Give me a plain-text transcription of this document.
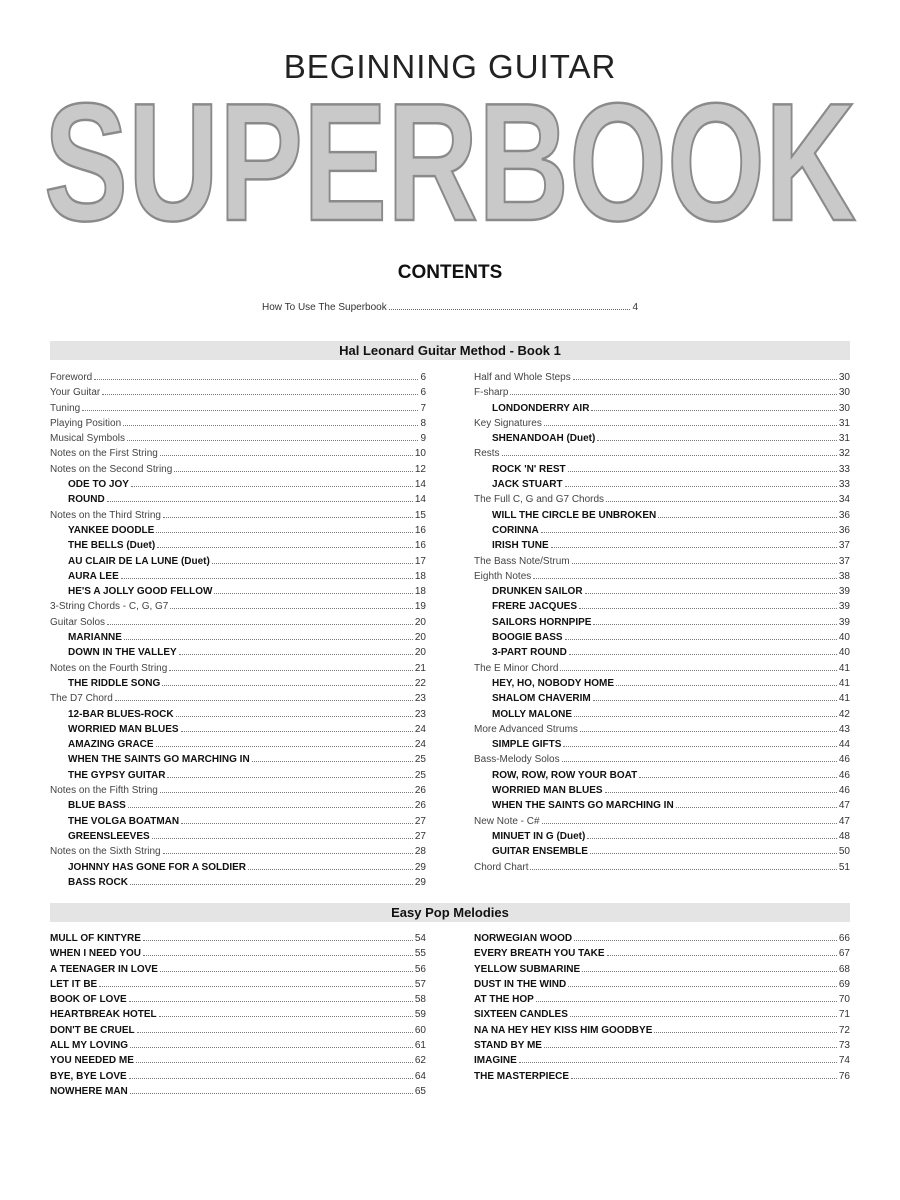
BEGINNING GUITAR
SUPERBOOK
CONTENTS
How To Use The Superbook	4
Hal Leonard Guitar Method - Book 1
Foreword	6
Your Guitar	6
Tuning	7
Playing Position	8
Musical Symbols	9
Notes on the First String	10
Notes on the Second String	12
ODE TO JOY	14
ROUND	14
Notes on the Third String	15
YANKEE DOODLE	16
THE BELLS (Duet)	16
AU CLAIR DE LA LUNE (Duet)	17
AURA LEE	18
HE'S A JOLLY GOOD FELLOW	18
3-String Chords - C, G, G7	19
Guitar Solos	20
MARIANNE	20
DOWN IN THE VALLEY	20
Notes on the Fourth String	21
THE RIDDLE SONG	22
The D7 Chord	23
12-BAR BLUES-ROCK	23
WORRIED MAN BLUES	24
AMAZING GRACE	24
WHEN THE SAINTS GO MARCHING IN	25
THE GYPSY GUITAR	25
Notes on the Fifth String	26
BLUE BASS	26
THE VOLGA BOATMAN	27
GREENSLEEVES	27
Notes on the Sixth String	28
JOHNNY HAS GONE FOR A SOLDIER	29
BASS ROCK	29
Half and Whole Steps	30
F-sharp	30
LONDONDERRY AIR	30
Key Signatures	31
SHENANDOAH (Duet)	31
Rests	32
ROCK 'N' REST	33
JACK STUART	33
The Full C, G and G7 Chords	34
WILL THE CIRCLE BE UNBROKEN	36
CORINNA	36
IRISH TUNE	37
The Bass Note/Strum	37
Eighth Notes	38
DRUNKEN SAILOR	39
FRERE JACQUES	39
SAILORS HORNPIPE	39
BOOGIE BASS	40
3-PART ROUND	40
The E Minor Chord	41
HEY, HO, NOBODY HOME	41
SHALOM CHAVERIM	41
MOLLY MALONE	42
More Advanced Strums	43
SIMPLE GIFTS	44
Bass-Melody Solos	46
ROW, ROW, ROW YOUR BOAT	46
WORRIED MAN BLUES	46
WHEN THE SAINTS GO MARCHING IN	47
New Note - C#	47
MINUET IN G (Duet)	48
GUITAR ENSEMBLE	50
Chord Chart	51
Easy Pop Melodies
MULL OF KINTYRE	54
WHEN I NEED YOU	55
A TEENAGER IN LOVE	56
LET IT BE	57
BOOK OF LOVE	58
HEARTBREAK HOTEL	59
DON'T BE CRUEL	60
ALL MY LOVING	61
YOU NEEDED ME	62
BYE, BYE LOVE	64
NOWHERE MAN	65
NORWEGIAN WOOD	66
EVERY BREATH YOU TAKE	67
YELLOW SUBMARINE	68
DUST IN THE WIND	69
AT THE HOP	70
SIXTEEN CANDLES	71
NA NA HEY HEY KISS HIM GOODBYE	72
STAND BY ME	73
IMAGINE	74
THE MASTERPIECE	76
